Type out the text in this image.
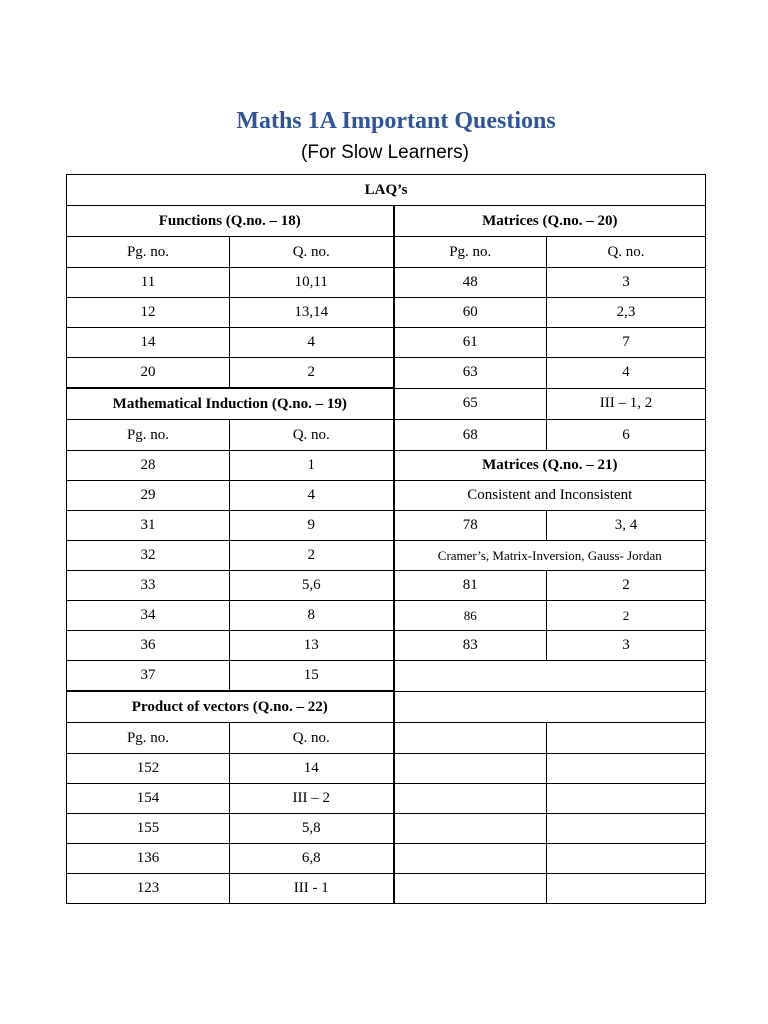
Maths 1A Important Questions
(For Slow Learners)
LAQ’s			
Functions (Q.no. – 18)		Matrices (Q.no. – 20)	
Pg. no.	Q. no.	Pg. no.	Q. no.
11	10,11	48	3
12	13,14	60	2,3
14	4	61	7
20	2	63	4
Mathematical Induction (Q.no. – 19)		65	III – 1, 2
Pg. no.	Q. no.	68	6
28	1	Matrices (Q.no. – 21)	
29	4	Consistent and Inconsistent	
31	9	78	3, 4
32	2	Cramer’s, Matrix-Inversion, Gauss- Jordan	
33	5,6	81	2
34	8	86	2
36	13	83	3
37	15		
Product of vectors (Q.no. – 22)			
Pg. no.	Q. no.		
152	14		
154	III – 2		
155	5,8		
136	6,8		
123	III - 1		
